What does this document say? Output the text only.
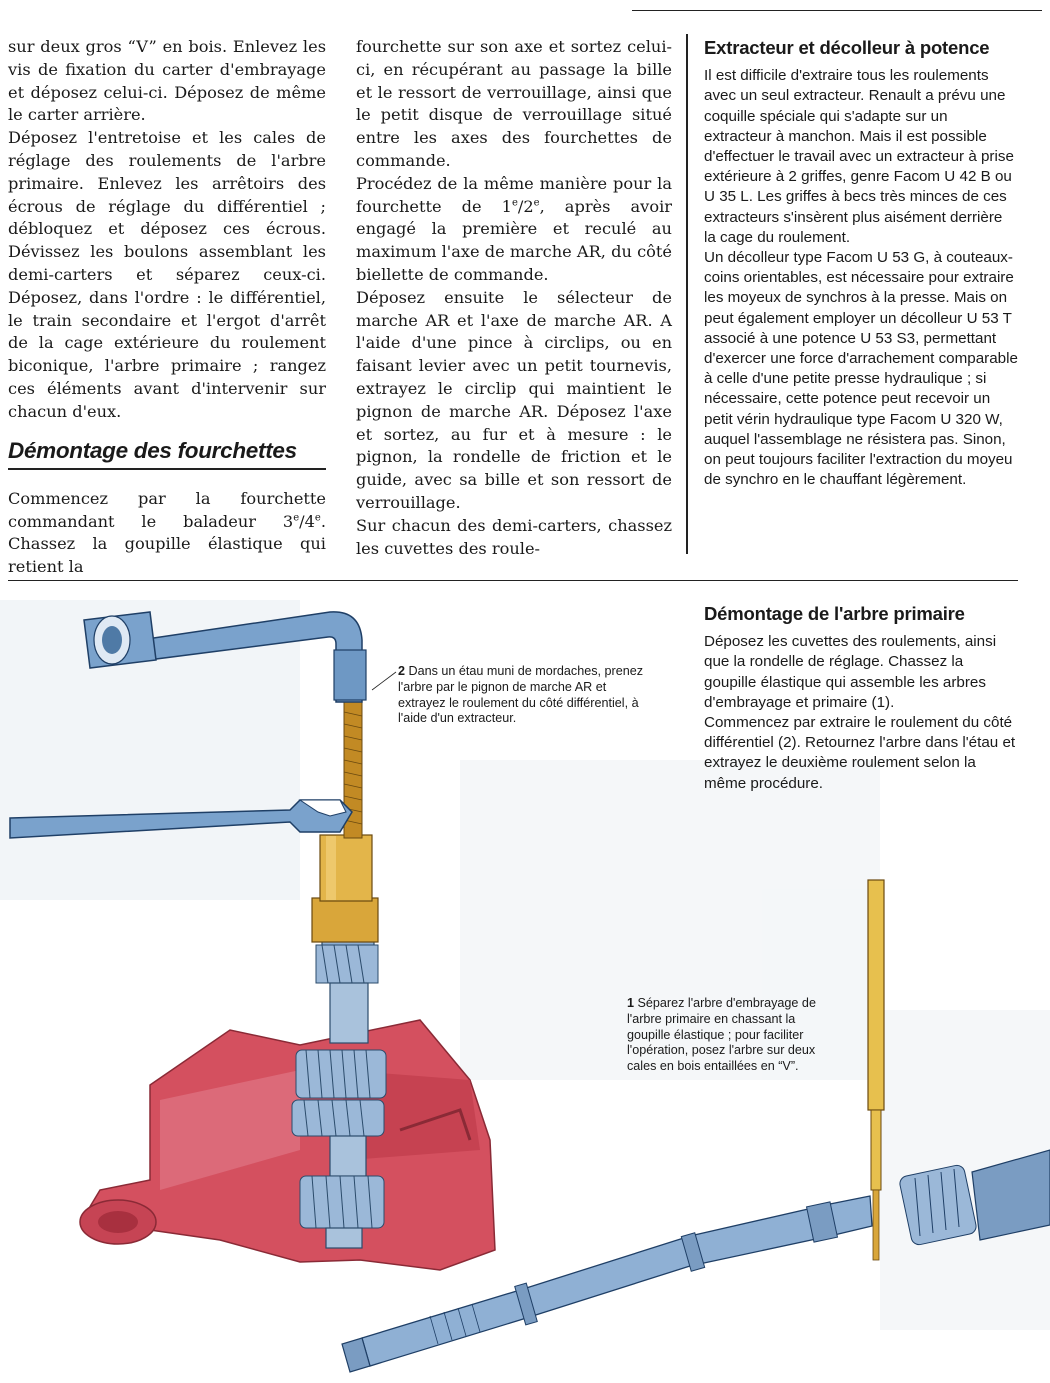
sur deux gros “V” en bois. Enlevez les vis de fixation du carter d'embrayage et déposez celui-ci. Déposez de même le carter arrière.

Déposez l'entretoise et les cales de réglage des roulements de l'arbre primaire. Enlevez les arrêtoirs des écrous de réglage du différentiel ; débloquez et déposez ces écrous. Dévissez les boulons assemblant les demi-carters et séparez ceux-ci. Déposez, dans l'ordre : le différentiel, le train secondaire et l'ergot d'arrêt de la cage extérieure du roulement biconique, l'arbre primaire ; rangez ces éléments avant d'intervenir sur chacun d'eux.

Démontage des fourchettes

Commencez par la fourchette commandant le baladeur 3e/4e. Chassez la goupille élastique qui retient la

fourchette sur son axe et sortez celui-ci, en récupérant au passage la bille et le ressort de verrouillage, ainsi que le petit disque de verrouillage situé entre les axes des fourchettes de commande.

Procédez de la même manière pour la fourchette de 1e/2e, après avoir engagé la première et reculé au maximum l'axe de marche AR, du côté biellette de commande.

Déposez ensuite le sélecteur de marche AR et l'axe de marche AR. A l'aide d'une pince à circlips, ou en faisant levier avec un petit tournevis, extrayez le circlip qui maintient le pignon de marche AR. Déposez l'axe et sortez, au fur et à mesure : le pignon, la rondelle de friction et le guide, avec sa bille et son ressort de verrouillage.

Sur chacun des demi-carters, chassez les cuvettes des roule-

Extracteur et décolleur à potence

Il est difficile d'extraire tous les roulements avec un seul extracteur. Renault a prévu une coquille spéciale qui s'adapte sur un extracteur à manchon. Mais il est possible d'effectuer le travail avec un extracteur à prise extérieure à 2 griffes, genre Facom U 42 B ou U 35 L. Les griffes à becs très minces de ces extracteurs s'insèrent plus aisément derrière la cage du roulement.

Un décolleur type Facom U 53 G, à couteaux-coins orientables, est nécessaire pour extraire les moyeux de synchros à la presse. Mais on peut également employer un décolleur U 53 T associé à une potence U 53 S3, permettant d'exercer une force d'arrachement comparable à celle d'une petite presse hydraulique ; si nécessaire, cette potence peut recevoir un petit vérin hydraulique type Facom U 320 W, auquel l'assemblage ne résistera pas. Sinon, on peut toujours faciliter l'extraction du moyeu de synchro en le chauffant légèrement.

2 Dans un étau muni de mordaches, prenez l'arbre par le pignon de marche AR et extrayez le roulement du côté différentiel, à l'aide d'un extracteur.
1 Séparez l'arbre d'embrayage de l'arbre primaire en chassant la goupille élastique ; pour faciliter l'opération, posez l'arbre sur deux cales en bois entaillées en “V”.
Démontage de l'arbre primaire

Déposez les cuvettes des roulements, ainsi que la rondelle de réglage. Chassez la goupille élastique qui assemble les arbres d'embrayage et primaire (1).

Commencez par extraire le roulement du côté différentiel (2). Retournez l'arbre dans l'étau et extrayez le deuxième roulement selon la même procédure.
